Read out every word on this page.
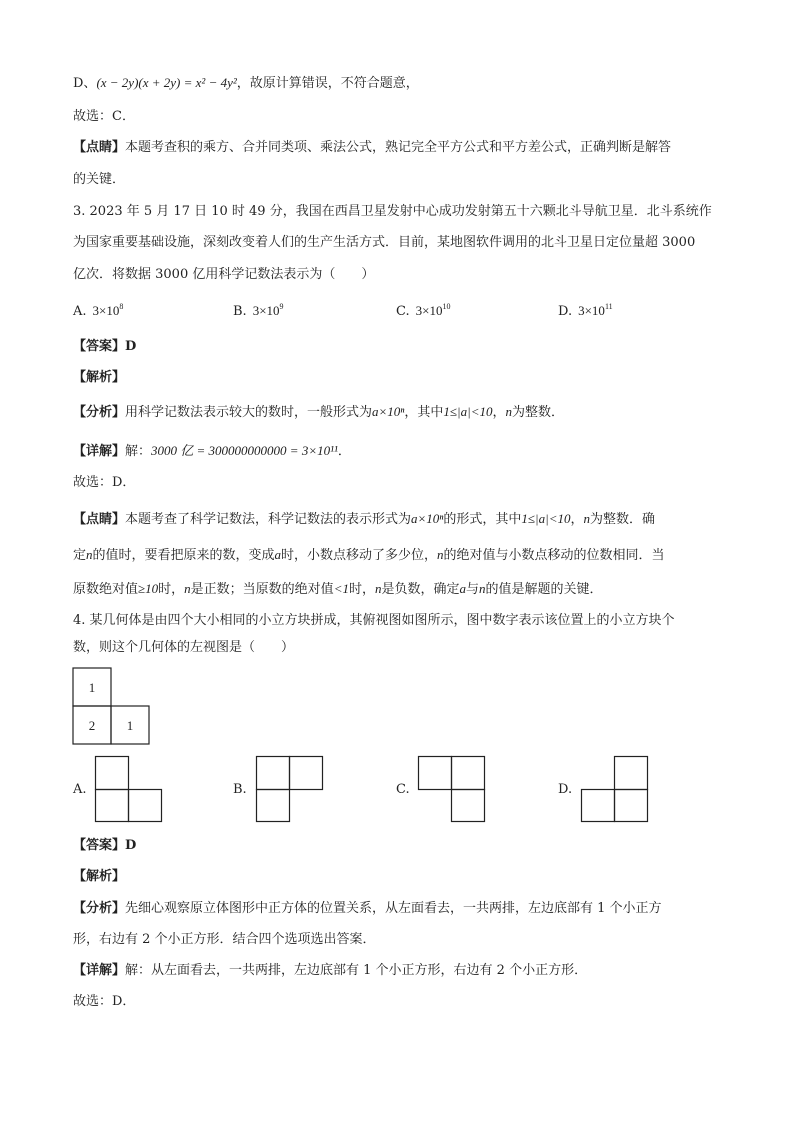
D、(x − 2y)(x + 2y) = x² − 4y²，故原计算错误，不符合题意，
故选：C．
【点睛】本题考查积的乘方、合并同类项、乘法公式，熟记完全平方公式和平方差公式，正确判断是解答
的关键．
3. 2023 年 5 月 17 日 10 时 49 分，我国在西昌卫星发射中心成功发射第五十六颗北斗导航卫星．北斗系统作
为国家重要基础设施，深刻改变着人们的生产生活方式．目前，某地图软件调用的北斗卫星日定位量超 3000
亿次．将数据 3000 亿用科学记数法表示为（　　）
A. $3\times 10^8$	B. $3\times 10^9$	C. $3\times 10^{10}$	D. $3\times 10^{11}$
【答案】D
【解析】
【分析】用科学记数法表示较大的数时，一般形式为a×10ⁿ，其中1≤|a|<10，n为整数．
【详解】解：3000 亿 = 300000000000 = 3×10¹¹．
故选：D．
【点睛】本题考查了科学记数法，科学记数法的表示形式为a×10ⁿ的形式，其中1≤|a|<10，n为整数．确
定n的值时，要看把原来的数，变成a时，小数点移动了多少位，n的绝对值与小数点移动的位数相同．当
原数绝对值≥10时，n是正数；当原数的绝对值<1时，n是负数，确定a与n的值是解题的关键．
4. 某几何体是由四个大小相同的小立方块拼成，其俯视图如图所示，图中数字表示该位置上的小立方块个
数，则这个几何体的左视图是（　　）
1
2 1
A.	B.	C.	D.
【答案】D
【解析】
【分析】先细心观察原立体图形中正方体的位置关系，从左面看去，一共两排，左边底部有 1 个小正方
形，右边有 2 个小正方形．结合四个选项选出答案．
【详解】解：从左面看去，一共两排，左边底部有 1 个小正方形，右边有 2 个小正方形．
故选：D．
